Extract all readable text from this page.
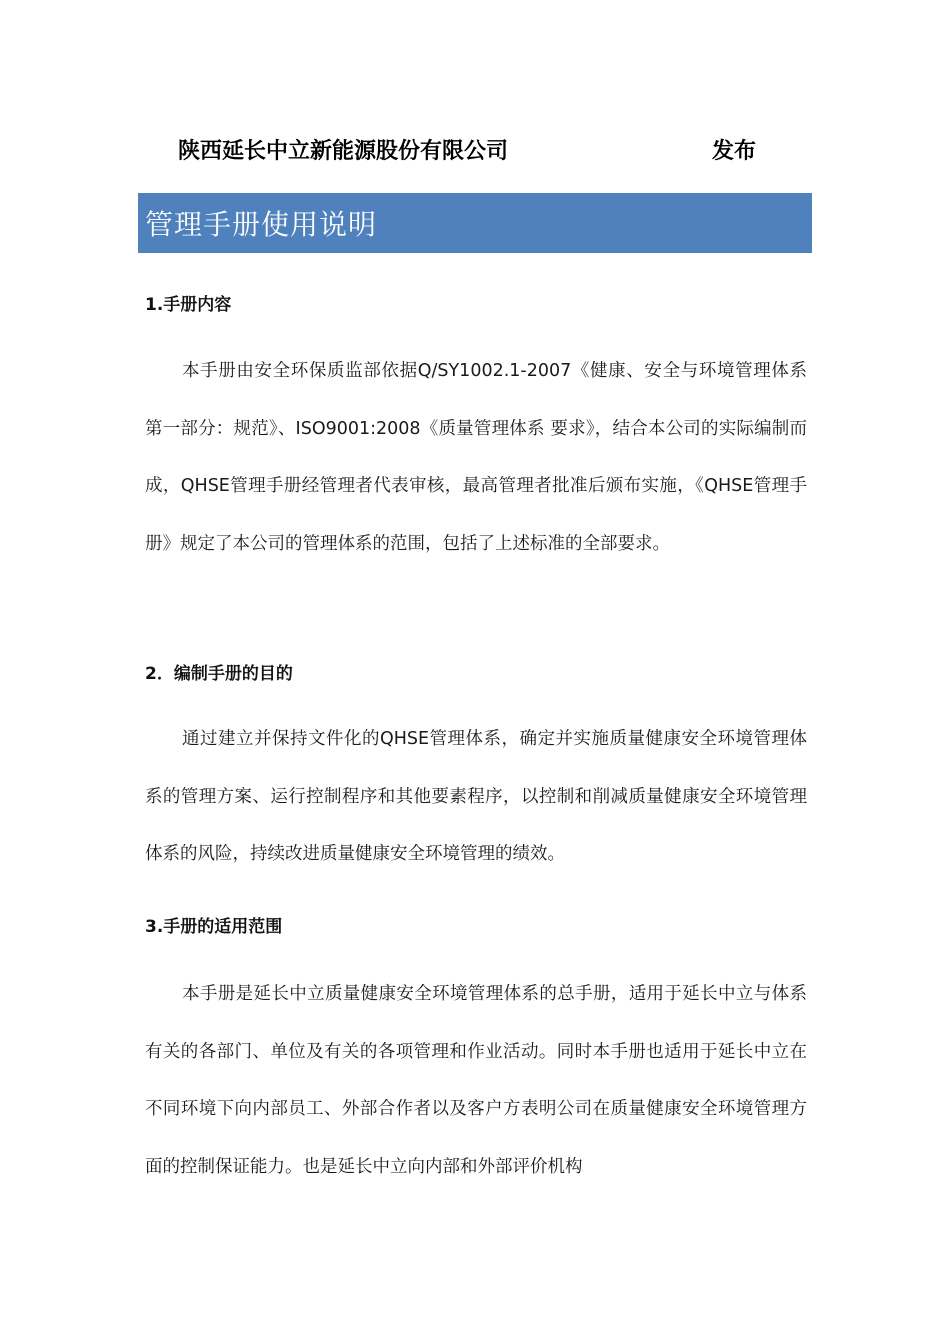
陕西延长中立新能源股份有限公司	发布
管理手册使用说明
1.手册内容

本手册由安全环保质监部依据Q/SY1002.1-2007《健康、安全与环境管理体系 第一部分：规范》、ISO9001:2008《质量管理体系 要求》，结合本公司的实际编制而成，QHSE管理手册经管理者代表审核，最高管理者批准后颁布实施，《QHSE管理手册》规定了本公司的管理体系的范围，包括了上述标准的全部要求。

2．编制手册的目的

通过建立并保持文件化的QHSE管理体系，确定并实施质量健康安全环境管理体系的管理方案、运行控制程序和其他要素程序，以控制和削减质量健康安全环境管理体系的风险，持续改进质量健康安全环境管理的绩效。

3.手册的适用范围

本手册是延长中立质量健康安全环境管理体系的总手册，适用于延长中立与体系有关的各部门、单位及有关的各项管理和作业活动。同时本手册也适用于延长中立在不同环境下向内部员工、外部合作者以及客户方表明公司在质量健康安全环境管理方面的控制保证能力。也是延长中立向内部和外部评价机构
